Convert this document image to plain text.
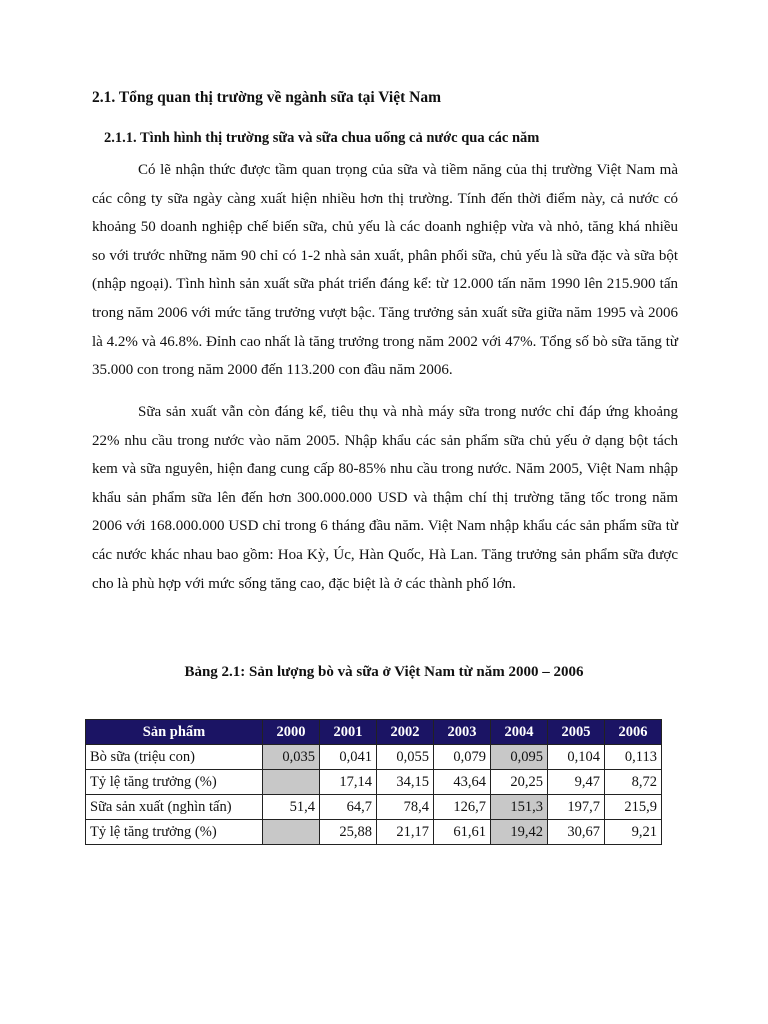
2.1. Tổng quan thị trường về ngành sữa tại Việt Nam
2.1.1. Tình hình thị trường sữa và sữa chua uống cả nước qua các năm

Có lẽ nhận thức được tầm quan trọng của sữa và tiềm năng của thị trường Việt Nam mà các công ty sữa ngày càng xuất hiện nhiều hơn thị trường. Tính đến thời điểm này, cả nước có khoảng 50 doanh nghiệp chế biến sữa, chủ yếu là các doanh nghiệp vừa và nhỏ, tăng khá nhiều so với trước những năm 90 chỉ có 1-2 nhà sản xuất, phân phối sữa, chủ yếu là sữa đặc và sữa bột (nhập ngoại). Tình hình sản xuất sữa phát triển đáng kể: từ 12.000 tấn năm 1990 lên 215.900 tấn trong năm 2006 với mức tăng trưởng vượt bậc. Tăng trưởng sản xuất sữa giữa năm 1995 và 2006 là 4.2% và 46.8%. Đỉnh cao nhất là tăng trưởng trong năm 2002 với 47%. Tổng số bò sữa tăng từ 35.000 con trong năm 2000 đến 113.200 con đầu năm 2006.

Sữa sản xuất vẫn còn đáng kể, tiêu thụ và nhà máy sữa trong nước chỉ đáp ứng khoảng 22% nhu cầu trong nước vào năm 2005. Nhập khẩu các sản phẩm sữa chủ yếu ở dạng bột tách kem và sữa nguyên, hiện đang cung cấp 80-85% nhu cầu trong nước. Năm 2005, Việt Nam nhập khẩu sản phẩm sữa lên đến hơn 300.000.000 USD và thậm chí thị trường tăng tốc trong năm 2006 với 168.000.000 USD chỉ trong 6 tháng đầu năm. Việt Nam nhập khẩu các sản phẩm sữa từ các nước khác nhau bao gồm: Hoa Kỳ, Úc, Hàn Quốc, Hà Lan. Tăng trưởng sản phẩm sữa được cho là phù hợp với mức sống tăng cao, đặc biệt là ở các thành phố lớn.

Bảng 2.1: Sản lượng bò và sữa ở Việt Nam từ năm 2000 – 2006

Sản phẩm	2000	2001	2002	2003	2004	2005	2006
Bò sữa (triệu con)	0,035	0,041	0,055	0,079	0,095	0,104	0,113
Tỷ lệ tăng trưởng (%)		17,14	34,15	43,64	20,25	9,47	8,72
Sữa sản xuất (nghìn tấn)	51,4	64,7	78,4	126,7	151,3	197,7	215,9
Tỷ lệ tăng trưởng (%)		25,88	21,17	61,61	19,42	30,67	9,21
